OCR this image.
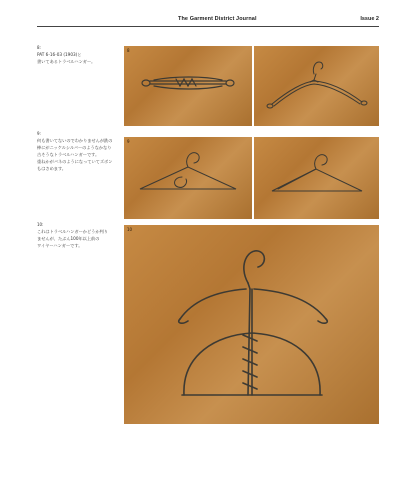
The Garment District Journal	Issue 2
8:
PAT 6-16-03 (1903)と
書いてあるトラベルハンガー。
8
9:
何も書いてないのでわかりませんが鉄の
棒にがニッケルシルバーのようなかなり
古そうなトラベルハンガーです。
重ねかがバネのようになっていてズボン
もはさめます。
9
10:
これはトラベルハンガーかどうか判り
ませんが、たぶん100年以上前の
ワイヤーハンガーです。
10
